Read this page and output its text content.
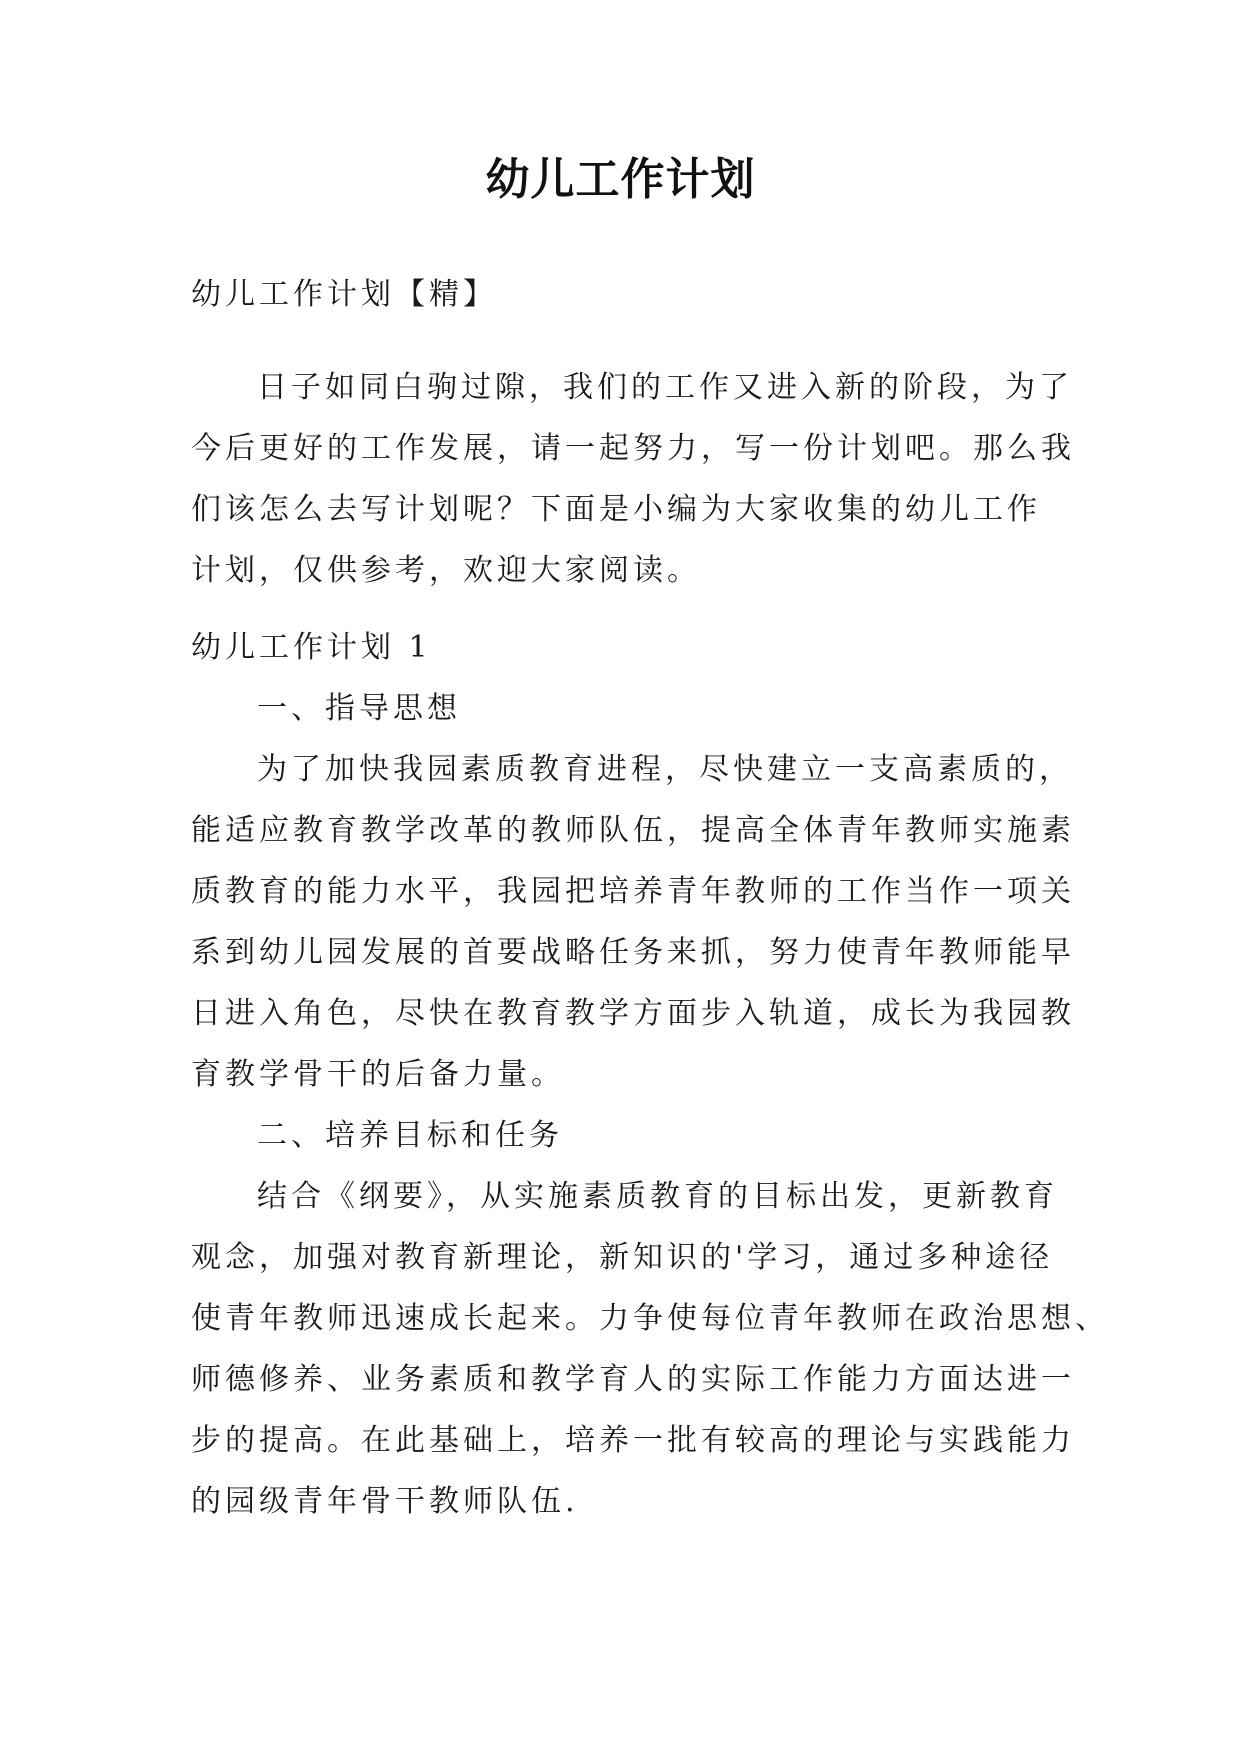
幼儿工作计划
幼儿工作计划【精】
日子如同白驹过隙，我们的工作又进入新的阶段，为了
今后更好的工作发展，请一起努力，写一份计划吧。那么我
们该怎么去写计划呢？下面是小编为大家收集的幼儿工作
计划，仅供参考，欢迎大家阅读。
幼儿工作计划 1
一、指导思想
为了加快我园素质教育进程，尽快建立一支高素质的，
能适应教育教学改革的教师队伍，提高全体青年教师实施素
质教育的能力水平，我园把培养青年教师的工作当作一项关
系到幼儿园发展的首要战略任务来抓，努力使青年教师能早
日进入角色，尽快在教育教学方面步入轨道，成长为我园教
育教学骨干的后备力量。
二、培养目标和任务
结合《纲要》，从实施素质教育的目标出发，更新教育
观念，加强对教育新理论，新知识的'学习，通过多种途径
使青年教师迅速成长起来。力争使每位青年教师在政治思想、
师德修养、业务素质和教学育人的实际工作能力方面达进一
步的提高。在此基础上，培养一批有较高的理论与实践能力
的园级青年骨干教师队伍.
